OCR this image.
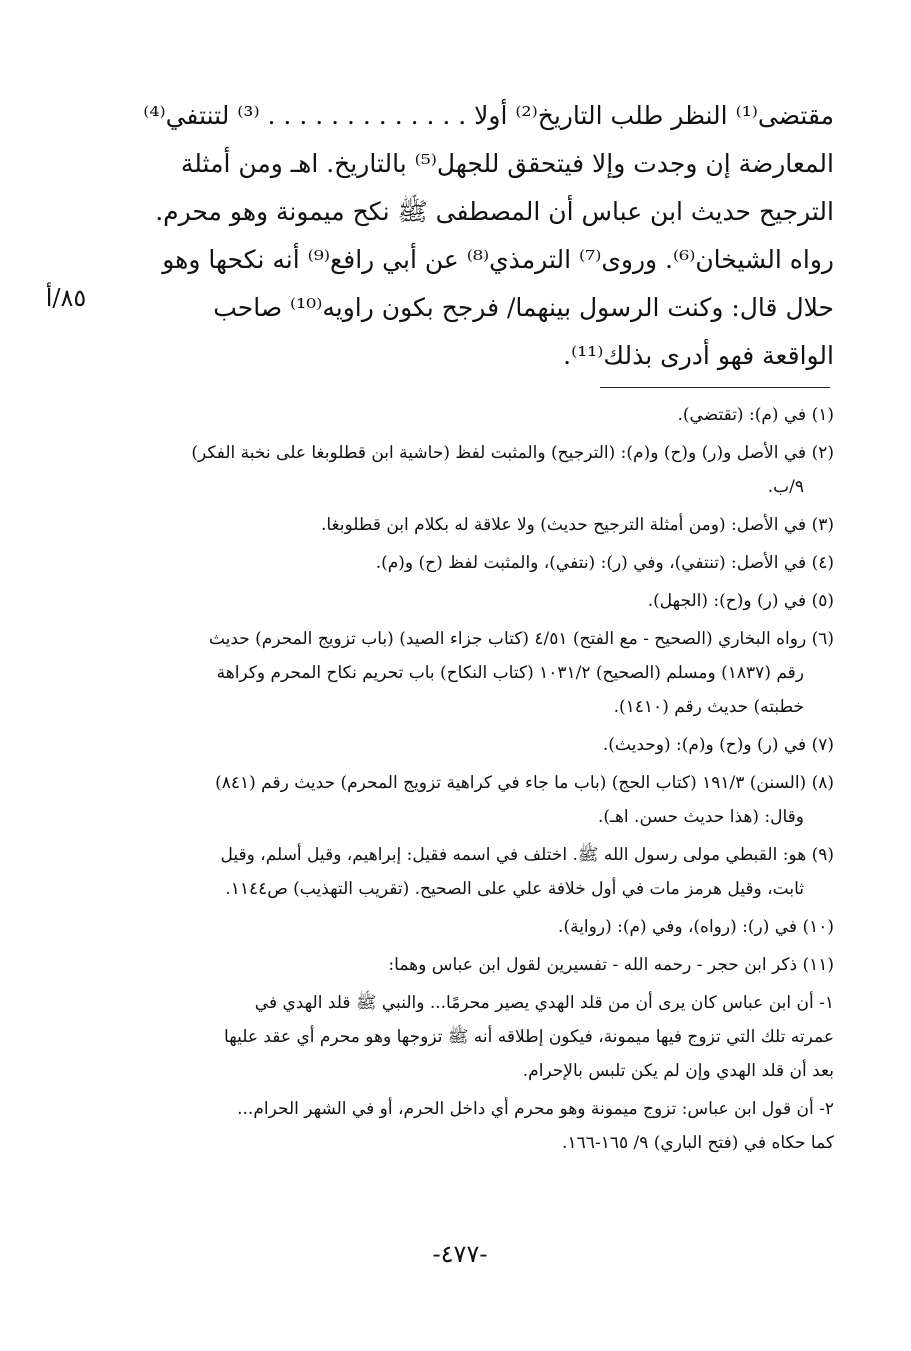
مقتضى⁽¹⁾ النظر طلب التاريخ⁽²⁾ أولا . . . . . . . . . . . . . ⁽³⁾ لتنتفي⁽⁴⁾
المعارضة إن وجدت وإلا فيتحقق للجهل⁽⁵⁾ بالتاريخ. اهـ ومن أمثلة
الترجيح حديث ابن عباس أن المصطفى ﷺ نكح ميمونة وهو محرم.
رواه الشيخان⁽⁶⁾. وروى⁽⁷⁾ الترمذي⁽⁸⁾ عن أبي رافع⁽⁹⁾ أنه نكحها وهو
حلال قال: وكنت الرسول بينهما/ فرجح بكون راويه⁽¹⁰⁾ صاحب
الواقعة فهو أدرى بذلك⁽¹¹⁾.
٨٥/أ
(١) في (م): (تقتضي).
(٢) في الأصل و(ر) و(ح) و(م): (الترجيح) والمثبت لفظ (حاشية ابن قطلوبغا على نخبة الفكر)
٩/ب.
(٣) في الأصل: (ومن أمثلة الترجيح حديث) ولا علاقة له بكلام ابن قطلوبغا.
(٤) في الأصل: (تنتفي)، وفي (ر): (نتفي)، والمثبت لفظ (ح) و(م).
(٥) في (ر) و(ح): (الجهل).
(٦) رواه البخاري (الصحيح - مع الفتح) ٤/٥١ (كتاب جزاء الصيد) (باب تزويج المحرم) حديث
رقم (١٨٣٧) ومسلم (الصحيح) ١٠٣١/٢ (كتاب النكاح) باب تحريم نكاح المحرم وكراهة
خطبته) حديث رقم (١٤١٠).
(٧) في (ر) و(ح) و(م): (وحديث).
(٨) (السنن) ١٩١/٣ (كتاب الحج) (باب ما جاء في كراهية تزويج المحرم) حديث رقم (٨٤١)
وقال: (هذا حديث حسن. اهـ).
(٩) هو: القبطي مولى رسول الله ﷺ. اختلف في اسمه فقيل: إبراهيم، وقيل أسلم، وقيل
ثابت، وقيل هرمز مات في أول خلافة علي على الصحيح. (تقريب التهذيب) ص١١٤٤.
(١٠) في (ر): (رواه)، وفي (م): (رواية).
(١١) ذكر ابن حجر - رحمه الله - تفسيرين لقول ابن عباس وهما:
١- أن ابن عباس كان يرى أن من قلد الهدي يصير محرمًا... والنبي ﷺ قلد الهدي في
عمرته تلك التي تزوج فيها ميمونة، فيكون إطلاقه أنه ﷺ تزوجها وهو محرم أي عقد عليها
بعد أن قلد الهدي وإن لم يكن تلبس بالإحرام.
٢- أن قول ابن عباس: تزوج ميمونة وهو محرم أي داخل الحرم، أو في الشهر الحرام...
كما حكاه في (فتح الباري) ٩/ ١٦٥-١٦٦.
-٤٧٧-
